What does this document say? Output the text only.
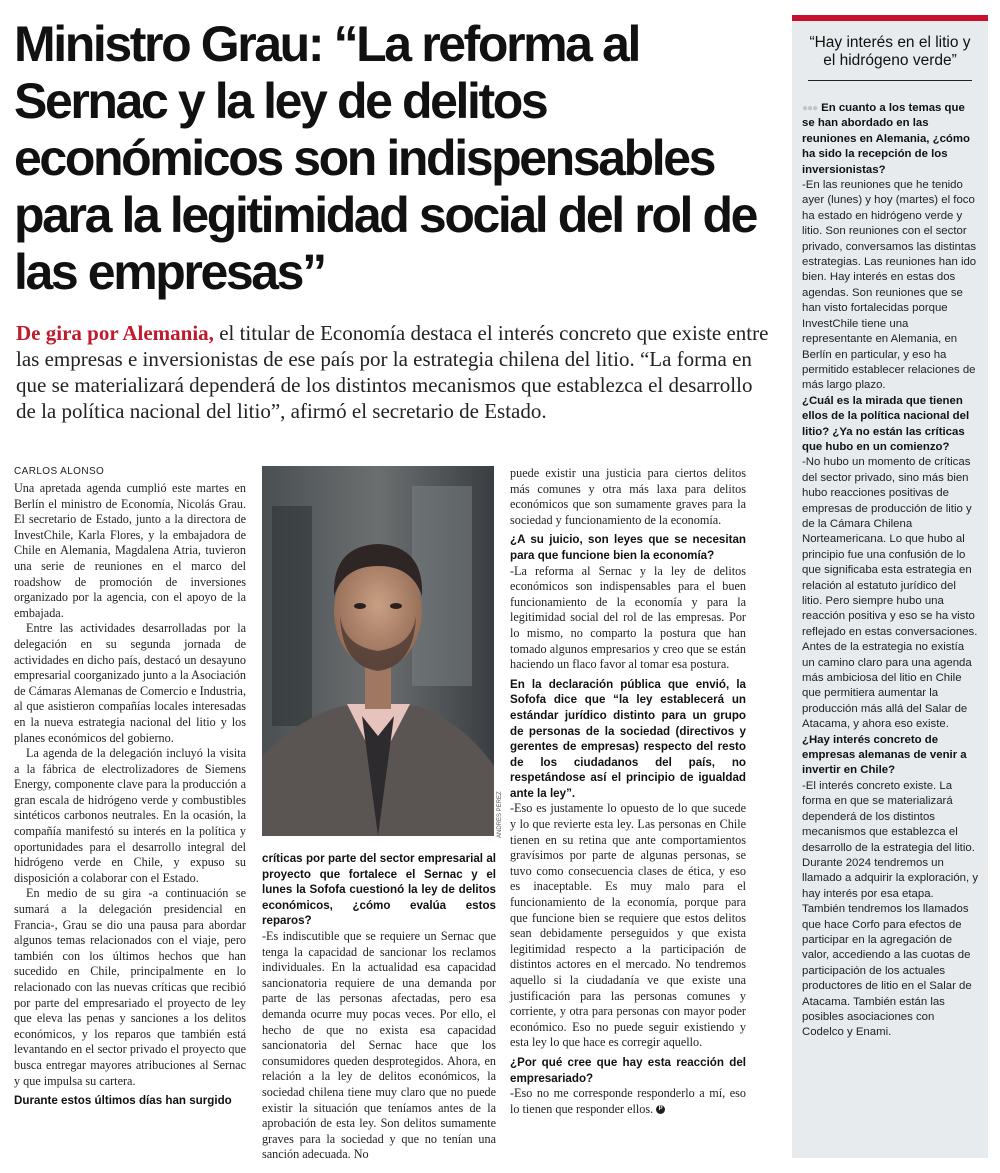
Ministro Grau: “La reforma al Sernac y la ley de delitos económicos son indispensables para la legitimidad social del rol de las empresas”
De gira por Alemania, el titular de Economía destaca el interés concreto que existe entre las empresas e inversionistas de ese país por la estrategia chilena del litio. “La forma en que se materializará dependerá de los distintos mecanismos que establezca el desarrollo de la política nacional del litio”, afirmó el secretario de Estado.
CARLOS ALONSO

Una apretada agenda cumplió este martes en Berlín el ministro de Economía, Nicolás Grau. El secretario de Estado, junto a la directora de InvestChile, Karla Flores, y la embajadora de Chile en Alemania, Magdalena Atria, tuvieron una serie de reuniones en el marco del roadshow de promoción de inversiones organizado por la agencia, con el apoyo de la embajada.

Entre las actividades desarrolladas por la delegación en su segunda jornada de actividades en dicho país, destacó un desayuno empresarial coorganizado junto a la Asociación de Cámaras Alemanas de Comercio e Industria, al que asistieron compañías locales interesadas en la nueva estrategia nacional del litio y los planes económicos del gobierno.

La agenda de la delegación incluyó la visita a la fábrica de electrolizadores de Siemens Energy, componente clave para la producción a gran escala de hidrógeno verde y combustibles sintéticos carbonos neutrales. En la ocasión, la compañía manifestó su interés en la política y oportunidades para el desarrollo integral del hidrógeno verde en Chile, y expuso su disposición a colaborar con el Estado.

En medio de su gira -a continuación se sumará a la delegación presidencial en Francia-, Grau se dio una pausa para abordar algunos temas relacionados con el viaje, pero también con los últimos hechos que han sucedido en Chile, principalmente en lo relacionado con las nuevas críticas que recibió por parte del empresariado el proyecto de ley que eleva las penas y sanciones a los delitos económicos, y los reparos que también está levantando en el sector privado el proyecto que busca entregar mayores atribuciones al Sernac y que impulsa su cartera.

Durante estos últimos días han surgido

ANDRÉS PÉREZ

críticas por parte del sector empresarial al proyecto que fortalece el Sernac y el lunes la Sofofa cuestionó la ley de delitos económicos, ¿cómo evalúa estos reparos?

-Es indiscutible que se requiere un Sernac que tenga la capacidad de sancionar los reclamos individuales. En la actualidad esa capacidad sancionatoria requiere de una demanda por parte de las personas afectadas, pero esa demanda ocurre muy pocas veces. Por ello, el hecho de que no exista esa capacidad sancionatoria del Sernac hace que los consumidores queden desprotegidos. Ahora, en relación a la ley de delitos económicos, la sociedad chilena tiene muy claro que no puede existir la situación que teníamos antes de la aprobación de esta ley. Son delitos sumamente graves para la sociedad y que no tenían una sanción adecuada. No

puede existir una justicia para ciertos delitos más comunes y otra más laxa para delitos económicos que son sumamente graves para la sociedad y funcionamiento de la economía.

¿A su juicio, son leyes que se necesitan para que funcione bien la economía?

-La reforma al Sernac y la ley de delitos económicos son indispensables para el buen funcionamiento de la economía y para la legitimidad social del rol de las empresas. Por lo mismo, no comparto la postura que han tomado algunos empresarios y creo que se están haciendo un flaco favor al tomar esa postura.

En la declaración pública que envió, la Sofofa dice que “la ley establecerá un estándar jurídico distinto para un grupo de personas de la sociedad (directivos y gerentes de empresas) respecto del resto de los ciudadanos del país, no respetándose así el principio de igualdad ante la ley”.

-Eso es justamente lo opuesto de lo que sucede y lo que revierte esta ley. Las personas en Chile tienen en su retina que ante comportamientos gravísimos por parte de algunas personas, se tuvo como consecuencia clases de ética, y eso es inaceptable. Es muy malo para el funcionamiento de la economía, porque para que funcione bien se requiere que estos delitos sean debidamente perseguidos y que exista legitimidad respecto a la participación de distintos actores en el mercado. No tendremos aquello si la ciudadanía ve que existe una justificación para las personas comunes y corriente, y otra para personas con mayor poder económico. Eso no puede seguir existiendo y esta ley lo que hace es corregir aquello.

¿Por qué cree que hay esta reacción del empresariado?

-Eso no me corresponde responderlo a mí, eso lo tienen que responder ellos. P

“Hay interés en el litio y el hidrógeno verde”

●●● En cuanto a los temas que se han abordado en las reuniones en Alemania, ¿cómo ha sido la recepción de los inversionistas?

-En las reuniones que he tenido ayer (lunes) y hoy (martes) el foco ha estado en hidrógeno verde y litio. Son reuniones con el sector privado, conversamos las distintas estrategias. Las reuniones han ido bien. Hay interés en estas dos agendas. Son reuniones que se han visto fortalecidas porque InvestChile tiene una representante en Alemania, en Berlín en particular, y eso ha permitido establecer relaciones de más largo plazo.

¿Cuál es la mirada que tienen ellos de la política nacional del litio? ¿Ya no están las críticas que hubo en un comienzo?

-No hubo un momento de críticas del sector privado, sino más bien hubo reacciones positivas de empresas de producción de litio y de la Cámara Chilena Norteamericana. Lo que hubo al principio fue una confusión de lo que significaba esta estrategia en relación al estatuto jurídico del litio. Pero siempre hubo una reacción positiva y eso se ha visto reflejado en estas conversaciones. Antes de la estrategia no existía un camino claro para una agenda más ambiciosa del litio en Chile que permitiera aumentar la producción más allá del Salar de Atacama, y ahora eso existe.

¿Hay interés concreto de empresas alemanas de venir a invertir en Chile?

-El interés concreto existe. La forma en que se materializará dependerá de los distintos mecanismos que establezca el desarrollo de la estrategia del litio. Durante 2024 tendremos un llamado a adquirir la exploración, y hay interés por esa etapa. También tendremos los llamados que hace Corfo para efectos de participar en la agregación de valor, accediendo a las cuotas de participación de los actuales productores de litio en el Salar de Atacama. También están las posibles asociaciones con Codelco y Enami.
